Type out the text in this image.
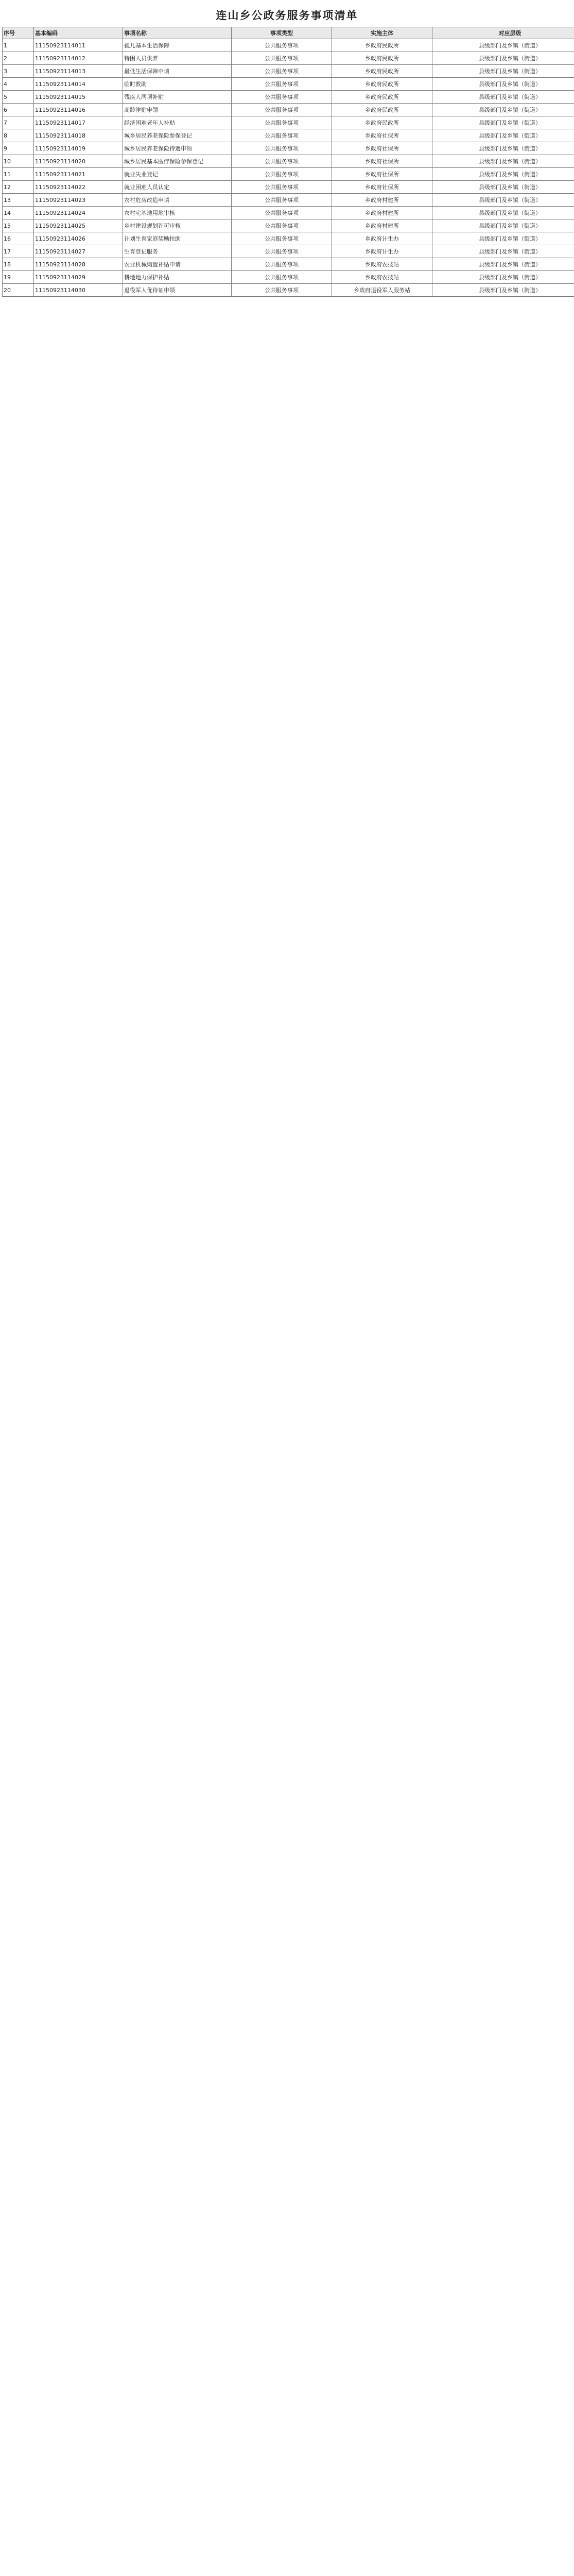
连山乡公政务服务事项清单
序号	基本编码	事项名称	事项类型	实施主体	对应层级
1	11150923114011	孤儿基本生活保障	公共服务事项	乡政府民政所	县级部门及乡镇（街道）
2	11150923114012	特困人员供养	公共服务事项	乡政府民政所	县级部门及乡镇（街道）
3	11150923114013	最低生活保障申请	公共服务事项	乡政府民政所	县级部门及乡镇（街道）
4	11150923114014	临时救助	公共服务事项	乡政府民政所	县级部门及乡镇（街道）
5	11150923114015	残疾人两项补贴	公共服务事项	乡政府民政所	县级部门及乡镇（街道）
6	11150923114016	高龄津贴申领	公共服务事项	乡政府民政所	县级部门及乡镇（街道）
7	11150923114017	经济困难老年人补贴	公共服务事项	乡政府民政所	县级部门及乡镇（街道）
8	11150923114018	城乡居民养老保险参保登记	公共服务事项	乡政府社保所	县级部门及乡镇（街道）
9	11150923114019	城乡居民养老保险待遇申领	公共服务事项	乡政府社保所	县级部门及乡镇（街道）
10	11150923114020	城乡居民基本医疗保险参保登记	公共服务事项	乡政府社保所	县级部门及乡镇（街道）
11	11150923114021	就业失业登记	公共服务事项	乡政府社保所	县级部门及乡镇（街道）
12	11150923114022	就业困难人员认定	公共服务事项	乡政府社保所	县级部门及乡镇（街道）
13	11150923114023	农村危房改造申请	公共服务事项	乡政府村建所	县级部门及乡镇（街道）
14	11150923114024	农村宅基地用地审核	公共服务事项	乡政府村建所	县级部门及乡镇（街道）
15	11150923114025	乡村建设规划许可审核	公共服务事项	乡政府村建所	县级部门及乡镇（街道）
16	11150923114026	计划生育家庭奖励扶助	公共服务事项	乡政府计生办	县级部门及乡镇（街道）
17	11150923114027	生育登记服务	公共服务事项	乡政府计生办	县级部门及乡镇（街道）
18	11150923114028	农业机械购置补贴申请	公共服务事项	乡政府农技站	县级部门及乡镇（街道）
19	11150923114029	耕地地力保护补贴	公共服务事项	乡政府农技站	县级部门及乡镇（街道）
20	11150923114030	退役军人优待证申领	公共服务事项	乡政府退役军人服务站	县级部门及乡镇（街道）
